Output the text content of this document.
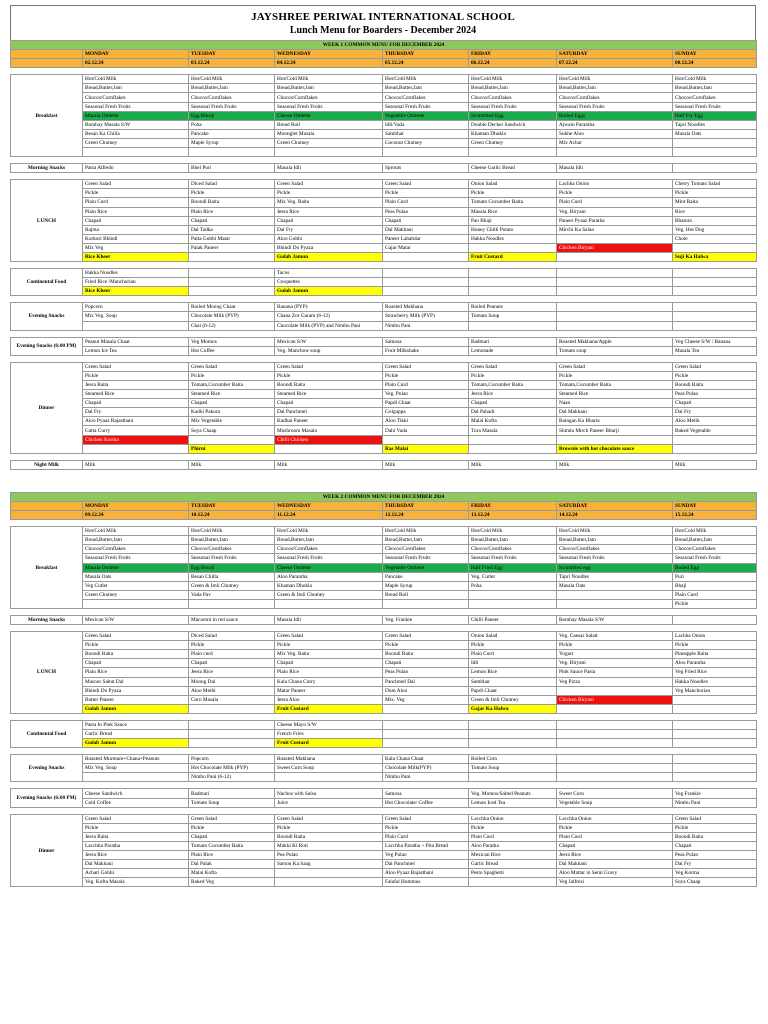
JAYSHREE PERIWAL INTERNATIONAL SCHOOL
Lunch Menu for Boarders - December 2024
WEEK 1 COMMON MENU FOR DECEMBER 2024							
	MONDAY	TUESDAY	WEDNESDAY	THURSDAY	FRIDAY	SATURDAY	SUNDAY
	02.12.24	03.12.24	04.12.24	05.12.24	06.12.24	07.12.24	08.12.24

Breakfast	Hot/Cold Milk	Hot/Cold Milk	Hot/Cold Milk	Hot/Cold Milk	Hot/Cold Milk	Hot/Cold Milk	Hot/Cold Milk
	Bread,Butter,Jam	Bread,Butter,Jam	Bread,Butter,Jam	Bread,Butter,Jam	Bread,Butter,Jam	Bread,Butter,Jam	Bread,Butter,Jam
	Chocos/Cornflakes	Chocos/Cornflakes	Chocos/Cornflakes	Chocos/Cornflakes	Chocos/Cornflakes	Chocos/Cornflakes	Chocos/Cornflakes
	Seasonal Fresh Fruits	Seasonal Fresh Fruits	Seasonal Fresh Fruits	Seasonal Fresh Fruits	Seasonal Fresh Fruits	Seasonal Fresh Fruits	Seasonal Fresh Fruits
	Masala Omlette	Egg Bhurji	Cheese Omlette	Vegetable Omlette	Scrambled Egg	Boiled Eggs	Half Fry Egg
	Bombay Masala S/W	Poha	Bread Roll	Idli/Vada	Double Decker Sandwich	Ajwain Parantha	Tapri Noodles
	Besan Ka Chilla	Pancake	Moonglet Masala	Sambhar	Khaman Dhokla	Sukhe Aloo	Masala Oats
	Green Chutney	Maple Syrup	Green Chutney	Coconut Chutney	Green Chutney	Mix Achar	

Morning Snacks	Pasta Alfredo	Bhel Puri	Masala Idli	Sprouts	Cheese Garlic Bread	Masala Idli	

LUNCH	Green Salad	Diced Salad	Green Salad	Green Salad	Onion Salad	Lachha Onion	Cherry Tomato Salad
	Pickle	Pickle	Pickle	Pickle	Pickle	Pickle	Pickle
	Plain Curd	Boondi Raita	Mix Veg. Raita	Plain Curd	Tomato Cucumber Raita	Plain Curd	Mint Raita
	Plain Rice	Plain Rice	Jeera Rice	Peas Pulao	Masala Rice	Veg. Biryani	Rice
	Chapati	Chapati	Chapati	Chapati	Pao Bhaji	Paneer Pyaaz Paratha	Bhatura
	Rajma	Dal Tadka	Dal Fry	Dal Makhani	Honey Chilli Potato	Mirchi Ka Salan	Veg. Hot Dog
	Kurkuri Bhindi	Palta Gobhi Matar	Aloo Gobhi	Paneer Lababdar	Hakka Noodles		Chole
	Mix Veg	Palak Paneer	Bhindi Do Pyaza	Gajar Matar		Chicken Biryani	
	Rice Kheer		Gulab Jamun		Fruit Custard		Suji Ka Halwa

Continental Food	Hakka Noodles		Tacos				
	Fried Rice /Manchurian		Croquettes				
	Rice Kheer		Gulab Jamun				

Evening Snacks	Popcorn	Boiled Moong Chaat	Banana (PYP)	Roasted Makhana	Boiled Peanuts		
	Mix Veg. Soup	Chocolate Milk (PYP)	Chana Zor Garam (6-12)	Strawberry Milk (PYP)	Tomato Soup		
		Chai (6-12)	Chocolate Milk (PYP) and Nimbu Pani	Nimbu Pani			

Evening Snacks (6:00 PM)	Peanut Masala Chaat	Veg Momos	Mexican S/W	Samosa	Badmari	Roasted Makhana/Apple	Veg Cheese S/W / Banana
	Lemon Ice Tea	Hot Coffee	Veg. Manchow soup	Fruit Milkshake	Lemonade	Tomato soup	Masala Tea

Dinner	Green Salad	Green Salad	Green Salad	Green Salad	Green Salad	Green Salad	Green Salad
	Pickle	Pickle	Pickle	Pickle	Pickle	Pickle	Pickle
	Jeera Raita	Tomato,Cucumber Raita	Boondi Raita	Plain Curd	Tomato,Cucumber Raita	Tomato,Cucumber Raita	Boondi Raita
	Steamed Rice	Steamed Rice	Steamed Rice	Veg. Pulao	Jeera Rice	Steamed Rice	Peas Pulao
	Chapati	Chapati	Chapati	Papdi Chaat	Chapati	Naan	Chapati
	Dal Fry	Kadhi Pakora	Dal Panchmel	Golgappa	Dal Pahadi	Dal Makhani	Dal Fry
	Aloo Pyaaz Rajasthani	Mix Vegetable	Kadhai Paneer	Aloo Tikki	Malai Kofta	Baingan Ka Bharta	Aloo Methi
	Gatta Curry	Soya Chaap	Mushroom Masala	Dahi Vada	Tura Masala	Shimla Mirch Paneer Bhurji	Baked Vegetable
	Chicken Korma		Chilli Chicken				
		Phirni		Ras Malai		Brownie with hot chocolate sauce	

Night Milk	Milk	Milk	Milk	Milk	Milk	Milk	Milk
WEEK 2 COMMON MENU FOR DECEMBER 2024							
	MONDAY	TUESDAY	WEDNESDAY	THURSDAY	FRIDAY	SATURDAY	SUNDAY
	09.12.24	10.12.24	11.12.24	12.12.24	13.12.24	14.12.24	15.12.24

Breakfast	Hot/Cold Milk	Hot/Cold Milk	Hot/Cold Milk	Hot/Cold Milk	Hot/Cold Milk	Hot/Cold Milk	Hot/Cold Milk
	Bread,Butter,Jam	Bread,Butter,Jam	Bread,Butter,Jam	Bread,Butter,Jam	Bread,Butter,Jam	Bread,Butter,Jam	Bread,Butter,Jam
	Chocos/Cornflakes	Chocos/Cornflakes	Chocos/Cornflakes	Chocos/Cornflakes	Chocos/Cornflakes	Chocos/Cornflakes	Chocos/Cornflakes
	Seasonal Fresh Fruits	Seasonal Fresh Fruits	Seasonal Fresh Fruits	Seasonal Fresh Fruits	Seasonal Fresh Fruits	Seasonal Fresh Fruits	Seasonal Fresh Fruits
	Masala Omlette	Egg Bhurji	Cheese Omlette	Vegetable Omlette	Half Fried Egg	Scrambled egg	Boiled Egg
	Masala Oats	Besan Chilla	Aloo Parantha	Pancake	Veg. Cutlet	Tapri Noodles	Puri
	Veg Cutlet	Green & Imli Chutney	Khaman Dhokla	Maple Syrup	Poha	Masala Oats	Bhaji
	Green Chutney	Vada Pav	Green & Imli Chutney	Bread Roll			Plain Curd
							Pickle

Morning Snacks	Mexican S/W	Macaroni in red sauce	Masala Idli	Veg. Frankie	Chilli Paneer	Bombay Masala S/W	

LUNCH	Green Salad	Diced Salad	Green Salad	Green Salad	Onion Salad	Veg. Caesar Salad	Lachha Onion
	Pickle	Pickle	Pickle	Pickle	Pickle	Pickle	Pickle
	Boondi Raita	Plain curd	Mix Veg. Raita	Boondi Raita	Plain Curd	Yogurt	Pineapple Raita
	Chapati	Chapati	Chapati	Chapati	Idli	Veg. Biryani	Aloo Parantha
	Plain Rice	Jeera Rice	Plain Rice	Peas Pulao	Lemon Rice	Pink Sauce Pasta	Veg Fried Rice
	Masoor Sabut Dal	Moong Dal	Kala Chana Curry	Panchmel Dal	Sambhar	Veg Pizza	Hakka Noodles
	Bhindi Do Pyaza	Aloo Methi	Matar Paneer	Dum Aloo	Papdi Chaat		Veg Manchurian
	Butter Paneer	Corn Masala	Jeera Aloo	Mix. Veg	Green & Imli Chutney	Chicken Biryani	
	Gulab Jamun		Fruit Custard		Gajar Ka Halwa		

Continental Food	Pasta In Pink Sauce		Cheese Mayo S/W				
	Garlic Bread		French Fries				
	Gulab Jamun		Fruit Custard				

Evening Snacks	Roasted Murmure+Chana+Peanuts	Popcorn	Roasted Makhana	Kala Chana Chaat	Boiled Corn		
	Mix Veg. Soup	Hot Chocolate Milk (PYP)	Sweet Corn Soup	Chocolate Milk(PYP)	Tomato Soup		
		Nimbu Pani (6-12)		Nimbu Pani			

Evening Snacks (6:00 PM)	Cheese Sandwich	Badmari	Nachos with Salsa	Samosa	Veg. Momos/Salted Peanuts	Sweet Corn	Veg Frankie
	Cold Coffee	Tomato Soup	Juice	Hot Chocolate/ Coffee	Lemon Iced Tea	Vegetable Soup	Nimbu Pani

Dinner	Green Salad	Green Salad	Green Salad	Green Salad	Lacchha Onion	Lacchha Onion	Green Salad
	Pickle	Pickle	Pickle	Pickle	Pickle	Pickle	Pickle
	Jeera Raita	Chapati	Boondi Raita	Plain Curd	Plain Curd	Plain Curd	Boondi Raita
	Lacchha Paratha	Tomato Cucumber Raita	Makki Ki Roti	Lacchha Paratha + Pita Bread	Aloo Paratha	Chapati	Chapati
	Jeera Rice	Plain Rice	Pea Pulao	Veg Pulao	Mexican Rice	Jeera Rice	Peas Pulao
	Dal Makhani	Dal Palak	Sarson Ka Saag	Dal Panchmel	Garlic Bread	Dal Makhani	Dal Fry
	Achari Gobhi	Malai Kofta		Aloo Pyaaz Rajasthani	Pesto Spaghetti	Aloo Mattar in Semi Gravy	Veg Korma
	Veg. Kofta Masala	Baked Veg		Falafal Hummus		Veg Jalfrezi	Soya Chaap
